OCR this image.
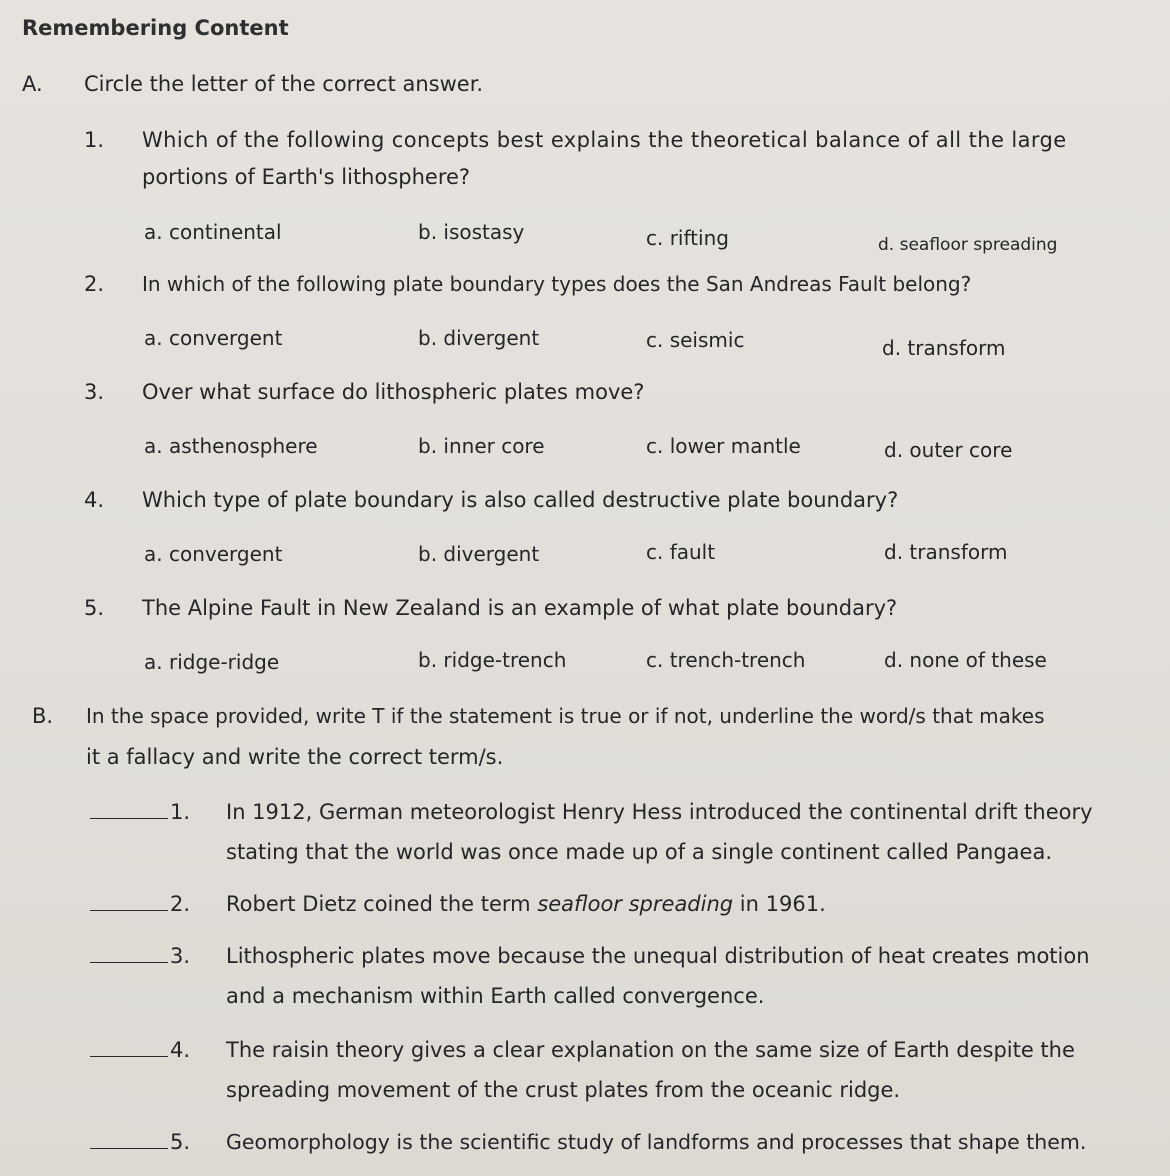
Remembering Content
A. Circle the letter of the correct answer.
1. Which of the following concepts best explains the theoretical balance of all the large
portions of Earth's lithosphere?
a. continental	b. isostasy	c. rifting	d. seafloor spreading
2. In which of the following plate boundary types does the San Andreas Fault belong?
a. convergent	b. divergent	c. seismic	d. transform
3. Over what surface do lithospheric plates move?
a. asthenosphere	b. inner core	c. lower mantle	d. outer core
4. Which type of plate boundary is also called destructive plate boundary?
a. convergent	b. divergent	c. fault	d. transform
5. The Alpine Fault in New Zealand is an example of what plate boundary?
a. ridge-ridge	b. ridge-trench	c. trench-trench	d. none of these
B. In the space provided, write T if the statement is true or if not, underline the word/s that makes
it a fallacy and write the correct term/s.
1. In 1912, German meteorologist Henry Hess introduced the continental drift theory
stating that the world was once made up of a single continent called Pangaea.
2. Robert Dietz coined the term seafloor spreading in 1961.
3. Lithospheric plates move because the unequal distribution of heat creates motion
and a mechanism within Earth called convergence.
4. The raisin theory gives a clear explanation on the same size of Earth despite the
spreading movement of the crust plates from the oceanic ridge.
5. Geomorphology is the scientific study of landforms and processes that shape them.
